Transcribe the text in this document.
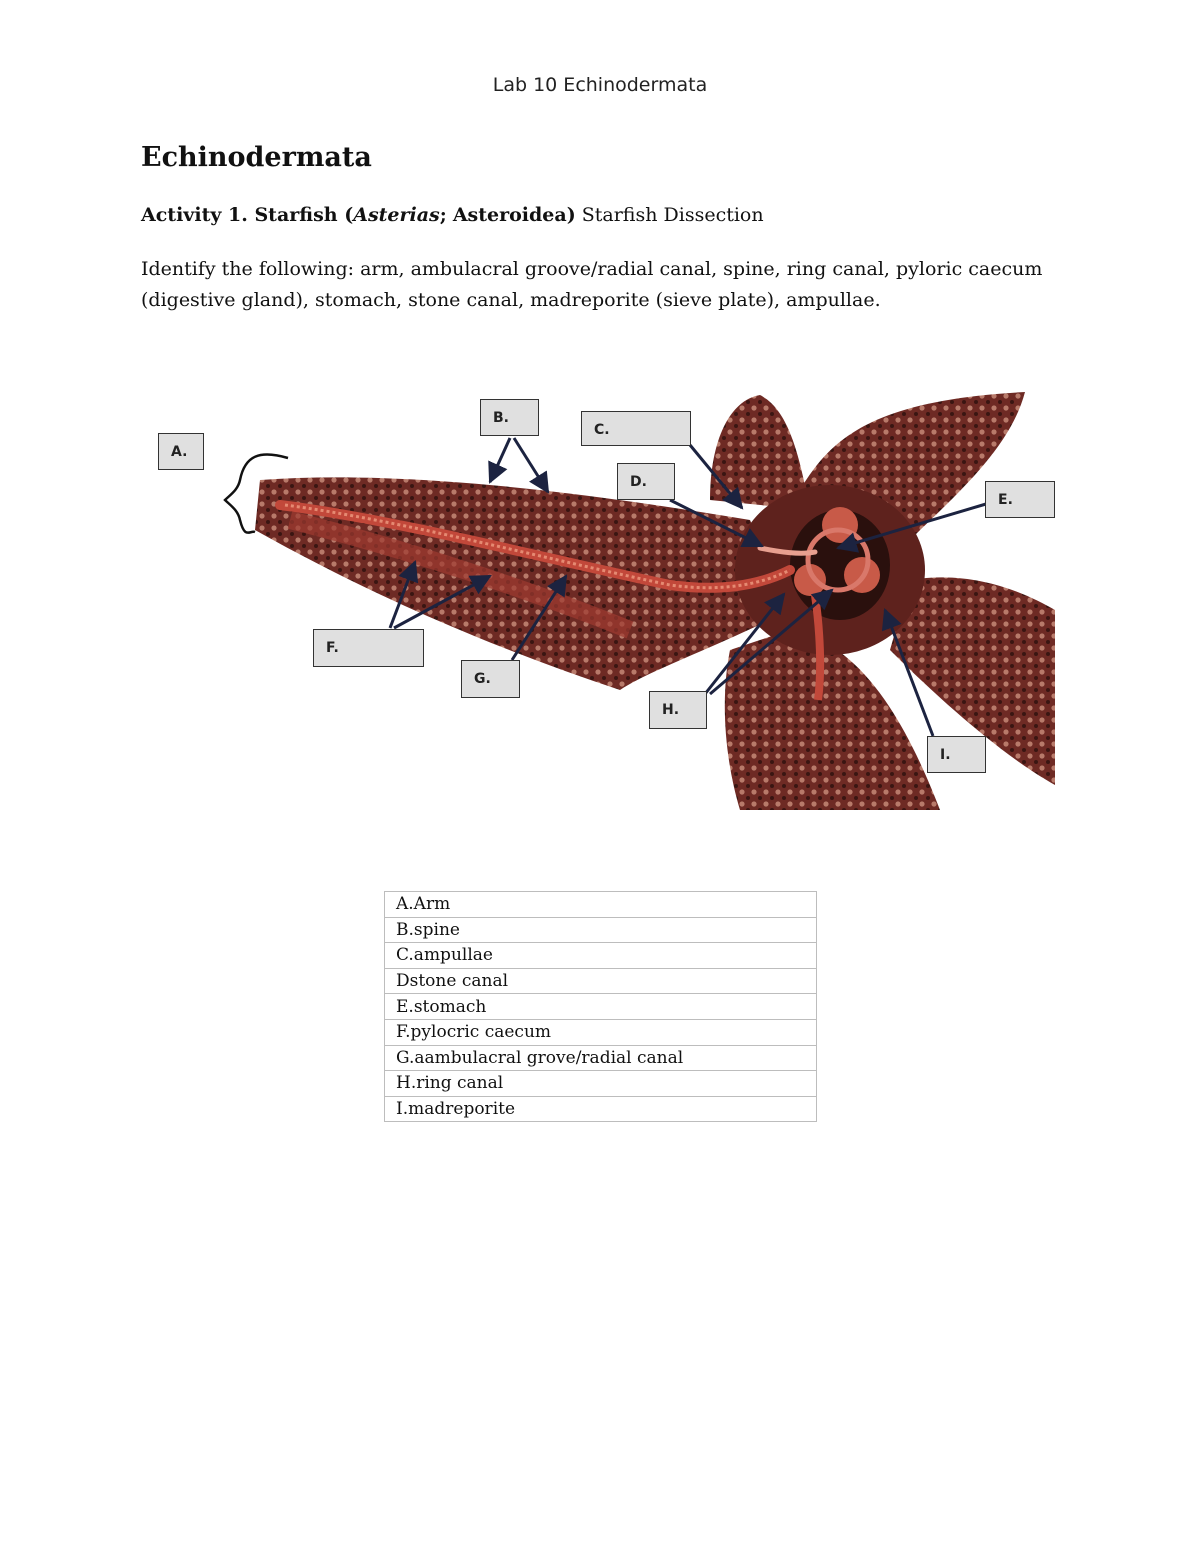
Lab 10 Echinodermata
Echinodermata
Activity 1. Starfish (Asterias; Asteroidea) Starfish Dissection
Identify the following: arm, ambulacral groove/radial canal, spine, ring canal, pyloric caecum
(digestive gland), stomach, stone canal, madreporite (sieve plate), ampullae.
A.
B.
C.
D.
E.
F.
G.
H.
I.
A.Arm
B.spine
C.ampullae
Dstone canal
E.stomach
F.pylocric caecum
G.aambulacral grove/radial canal
H.ring canal
I.madreporite
